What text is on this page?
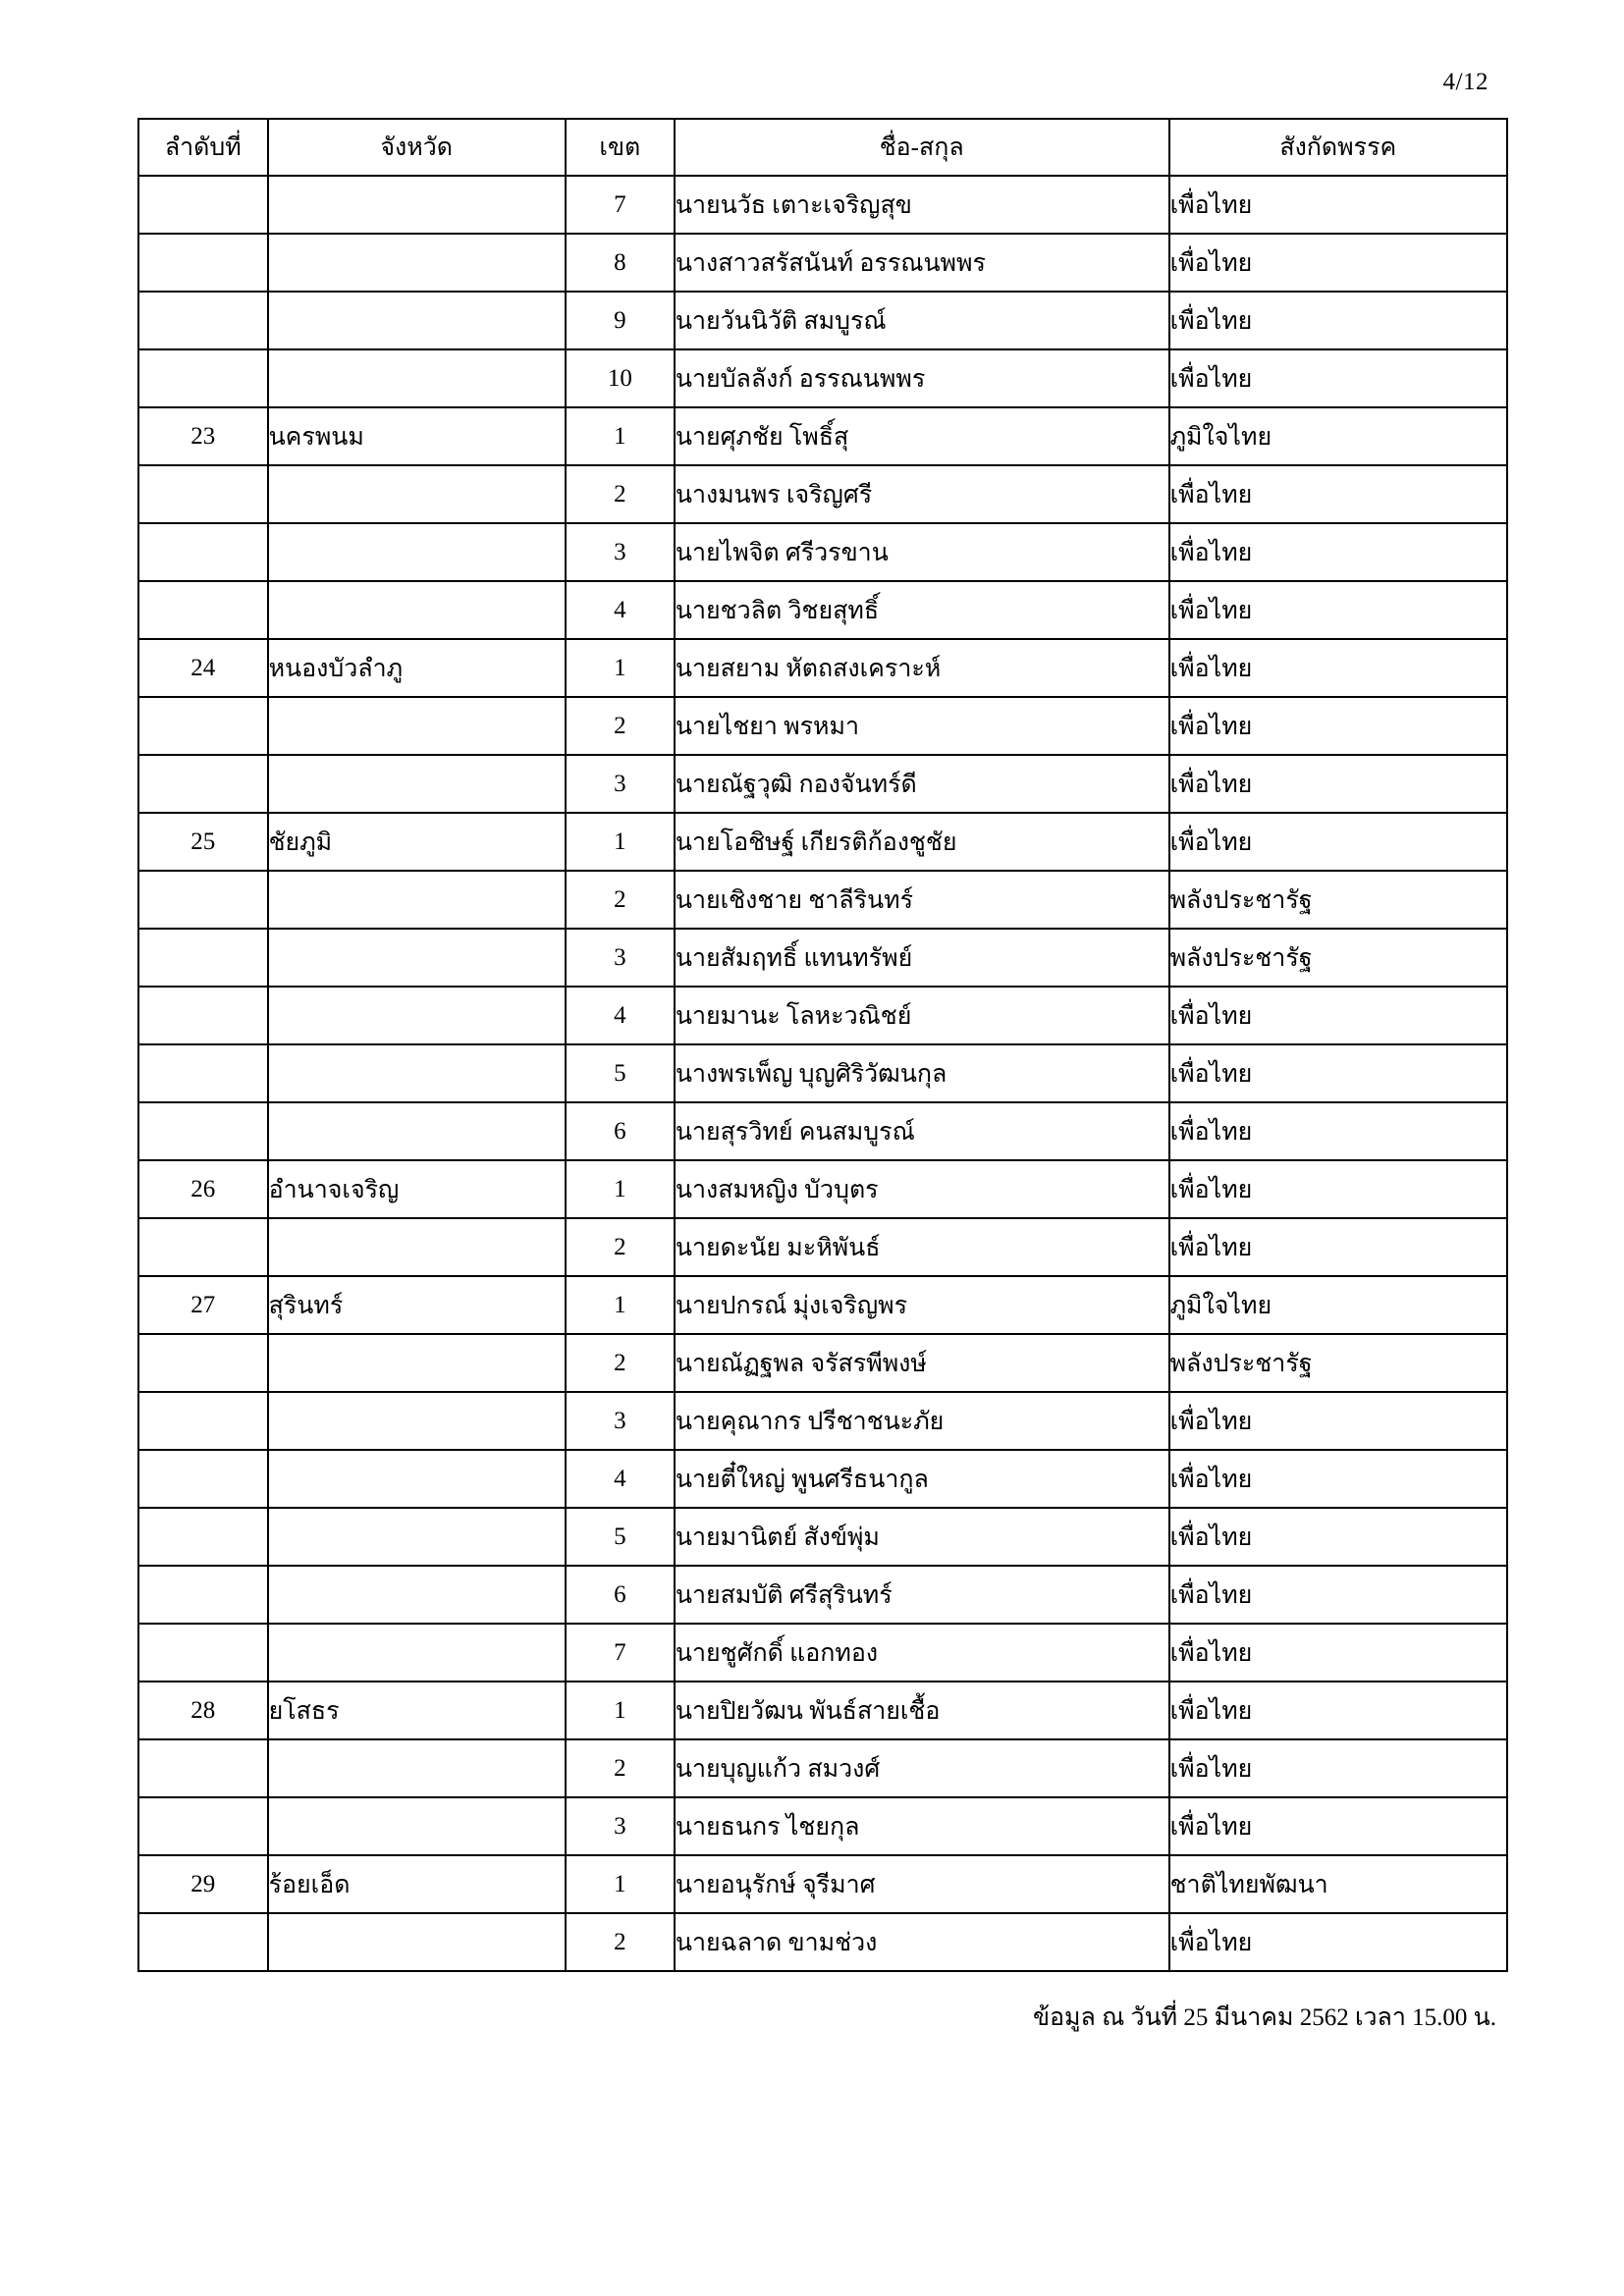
4/12
ลำดับที่	จังหวัด	เขต	ชื่อ-สกุล	สังกัดพรรค
		7	นายนวัธ เตาะเจริญสุข	เพื่อไทย
		8	นางสาวสรัสนันท์ อรรณนพพร	เพื่อไทย
		9	นายวันนิวัติ สมบูรณ์	เพื่อไทย
		10	นายบัลลังก์ อรรณนพพร	เพื่อไทย
23	นครพนม	1	นายศุภชัย โพธิ์สุ	ภูมิใจไทย
		2	นางมนพร เจริญศรี	เพื่อไทย
		3	นายไพจิต ศรีวรขาน	เพื่อไทย
		4	นายชวลิต วิชยสุทธิ์	เพื่อไทย
24	หนองบัวลำภู	1	นายสยาม หัตถสงเคราะห์	เพื่อไทย
		2	นายไชยา พรหมา	เพื่อไทย
		3	นายณัฐวุฒิ กองจันทร์ดี	เพื่อไทย
25	ชัยภูมิ	1	นายโอชิษฐ์ เกียรติก้องชูชัย	เพื่อไทย
		2	นายเชิงชาย ชาลีรินทร์	พลังประชารัฐ
		3	นายสัมฤทธิ์ แทนทรัพย์	พลังประชารัฐ
		4	นายมานะ โลหะวณิชย์	เพื่อไทย
		5	นางพรเพ็ญ บุญศิริวัฒนกุล	เพื่อไทย
		6	นายสุรวิทย์ คนสมบูรณ์	เพื่อไทย
26	อำนาจเจริญ	1	นางสมหญิง บัวบุตร	เพื่อไทย
		2	นายดะนัย มะหิพันธ์	เพื่อไทย
27	สุรินทร์	1	นายปกรณ์ มุ่งเจริญพร	ภูมิใจไทย
		2	นายณัฏฐพล จรัสรพีพงษ์	พลังประชารัฐ
		3	นายคุณากร ปรีชาชนะภัย	เพื่อไทย
		4	นายตี๋ใหญ่ พูนศรีธนากูล	เพื่อไทย
		5	นายมานิตย์ สังข์พุ่ม	เพื่อไทย
		6	นายสมบัติ ศรีสุรินทร์	เพื่อไทย
		7	นายชูศักดิ์ แอกทอง	เพื่อไทย
28	ยโสธร	1	นายปิยวัฒน พันธ์สายเชื้อ	เพื่อไทย
		2	นายบุญแก้ว สมวงศ์	เพื่อไทย
		3	นายธนกร ไชยกุล	เพื่อไทย
29	ร้อยเอ็ด	1	นายอนุรักษ์ จุรีมาศ	ชาติไทยพัฒนา
		2	นายฉลาด ขามช่วง	เพื่อไทย
ข้อมูล ณ วันที่ 25 มีนาคม 2562 เวลา 15.00 น.
